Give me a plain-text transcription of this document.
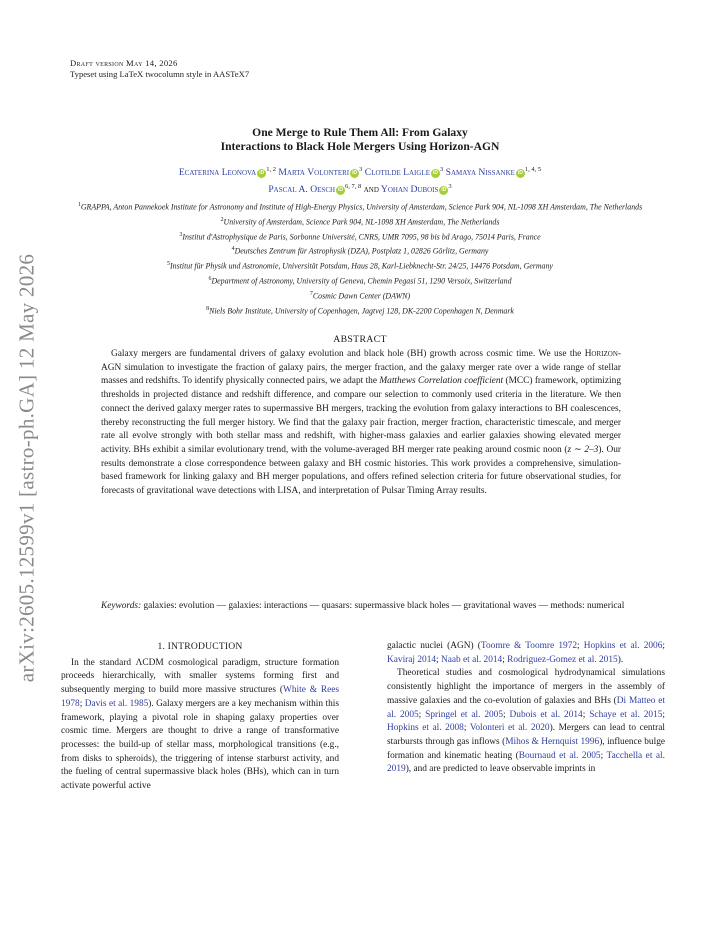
arXiv:2605.12599v1 [astro-ph.GA] 12 May 2026
Draft version May 14, 2026
Typeset using LaTeX twocolumn style in AASTeX7
One Merge to Rule Them All: From Galaxy
Interactions to Black Hole Mergers Using Horizon-AGN
Ecaterina Leonova iD$^{1, 2}$ Marta Volonteri $iD^3$ Clotilde Laigle $iD^3$ Samaya Nissanke iD$^{1, 4, 5}$
Pascal A. Oesch iD$^{6, 7, 8}$ and Yohan Dubois $iD^3$
$^1$GRAPPA, Anton Pannekoek Institute for Astronomy and Institute of High-Energy Physics, University of Amsterdam, Science Park 904, NL-1098 XH Amsterdam, The Netherlands
$^2$University of Amsterdam, Science Park 904, NL-1098 XH Amsterdam, The Netherlands
$^3$Institut d'Astrophysique de Paris, Sorbonne Université, CNRS, UMR 7095, 98 bis bd Arago, 75014 Paris, France
$^4$Deutsches Zentrum für Astrophysik (DZA), Postplatz 1, 02826 Görlitz, Germany
$^5$Institut für Physik und Astronomie, Universität Potsdam, Haus 28, Karl-Liebknecht-Str. 24/25, 14476 Potsdam, Germany
$^6$Department of Astronomy, University of Geneva, Chemin Pegasi 51, 1290 Versoix, Switzerland
$^7$Cosmic Dawn Center (DAWN)
$^8$Niels Bohr Institute, University of Copenhagen, Jagtvej 128, DK-2200 Copenhagen N, Denmark
ABSTRACT
Galaxy mergers are fundamental drivers of galaxy evolution and black hole (BH) growth across cosmic time. We use the Horizon-AGN simulation to investigate the fraction of galaxy pairs, the merger fraction, and the galaxy merger rate over a wide range of stellar masses and redshifts. To identify physically connected pairs, we adapt the Matthews Correlation coefficient (MCC) framework, optimizing thresholds in projected distance and redshift difference, and compare our selection to commonly used criteria in the literature. We then connect the derived galaxy merger rates to supermassive BH mergers, tracking the evolution from galaxy interactions to BH coalescences, thereby reconstructing the full merger history. We find that the galaxy pair fraction, merger fraction, characteristic timescale, and merger rate all evolve strongly with both stellar mass and redshift, with higher-mass galaxies and earlier galaxies showing elevated merger activity. BHs exhibit a similar evolutionary trend, with the volume-averaged BH merger rate peaking around cosmic noon (z ∼ 2–3). Our results demonstrate a close correspondence between galaxy and BH cosmic histories. This work provides a comprehensive, simulation-based framework for linking galaxy and BH merger populations, and offers refined selection criteria for future observational studies, for forecasts of gravitational wave detections with LISA, and interpretation of Pulsar Timing Array results.
Keywords: galaxies: evolution — galaxies: interactions — quasars: supermassive black holes — gravitational waves — methods: numerical
1. INTRODUCTION

In the standard ΛCDM cosmological paradigm, structure formation proceeds hierarchically, with smaller systems forming first and subsequently merging to build more massive structures (White & Rees 1978; Davis et al. 1985). Galaxy mergers are a key mechanism within this framework, playing a pivotal role in shaping galaxy properties over cosmic time. Mergers are thought to drive a range of transformative processes: the build-up of stellar mass, morphological transitions (e.g., from disks to spheroids), the triggering of intense starburst activity, and the fueling of central supermassive black holes (BHs), which can in turn activate powerful active

galactic nuclei (AGN) (Toomre & Toomre 1972; Hopkins et al. 2006; Kaviraj 2014; Naab et al. 2014; Rodriguez-Gomez et al. 2015).

Theoretical studies and cosmological hydrodynamical simulations consistently highlight the importance of mergers in the assembly of massive galaxies and the co-evolution of galaxies and BHs (Di Matteo et al. 2005; Springel et al. 2005; Dubois et al. 2014; Schaye et al. 2015; Hopkins et al. 2008; Volonteri et al. 2020). Mergers can lead to central starbursts through gas inflows (Mihos & Hernquist 1996), influence bulge formation and kinematic heating (Bournaud et al. 2005; Tacchella et al. 2019), and are predicted to leave observable imprints in
